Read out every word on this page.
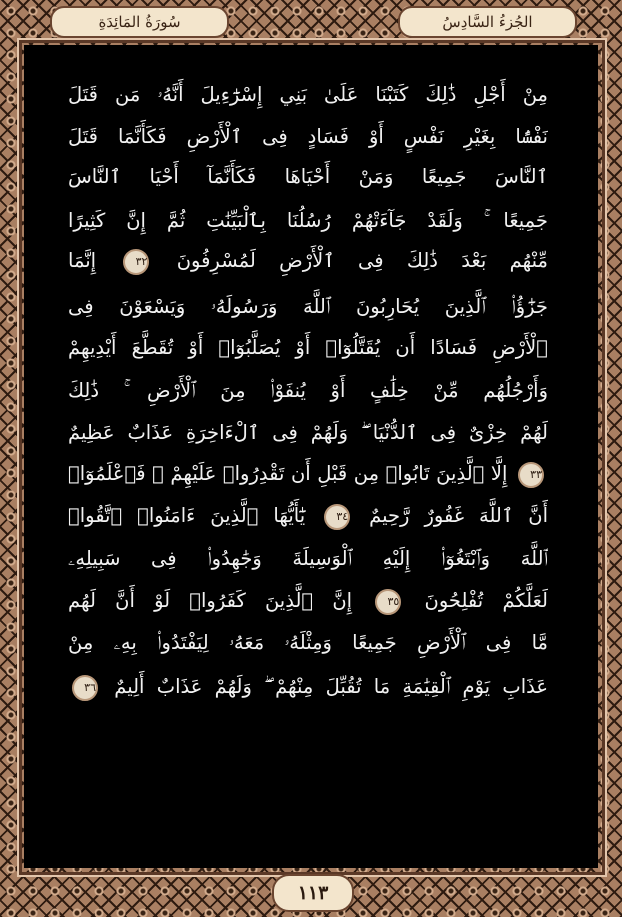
الجُزءُ السَّادِسُ
سُورَةُ المَائِدَةِ
مِنْ أَجْلِ ذَٰلِكَ كَتَبْنَا عَلَىٰ بَنِي إِسْرَٰٓءِيلَ أَنَّهُۥ مَن قَتَلَ
نَفْسًۢا بِغَيْرِ نَفْسٍ أَوْ فَسَادٍ فِى ٱلْأَرْضِ فَكَأَنَّمَا قَتَلَ
ٱلنَّاسَ جَمِيعًا وَمَنْ أَحْيَاهَا فَكَأَنَّمَآ أَحْيَا ٱلنَّاسَ
جَمِيعًا ۚ وَلَقَدْ جَآءَتْهُمْ رُسُلُنَا بِٱلْبَيِّنَٰتِ ثُمَّ إِنَّ كَثِيرًا
مِّنْهُم بَعْدَ ذَٰلِكَ فِى ٱلْأَرْضِ لَمُسْرِفُونَ ٣٢ إِنَّمَا
جَزَٰٓؤُا۟ ٱلَّذِينَ يُحَارِبُونَ ٱللَّهَ وَرَسُولَهُۥ وَيَسْعَوْنَ فِى
ٱلْأَرْضِ فَسَادًا أَن يُقَتَّلُوٓا۟ أَوْ يُصَلَّبُوٓا۟ أَوْ تُقَطَّعَ أَيْدِيهِمْ
وَأَرْجُلُهُم مِّنْ خِلَٰفٍ أَوْ يُنفَوْا۟ مِنَ ٱلْأَرْضِ ۚ ذَٰلِكَ
لَهُمْ خِزْىٌ فِى ٱلدُّنْيَا ۖ وَلَهُمْ فِى ٱلْءَاخِرَةِ عَذَابٌ عَظِيمٌ
٣٣ إِلَّا ٱلَّذِينَ تَابُوا۟ مِن قَبْلِ أَن تَقْدِرُوا۟ عَلَيْهِمْ ۖ فَٱعْلَمُوٓا۟
أَنَّ ٱللَّهَ غَفُورٌ رَّحِيمٌ ٣٤ يَٰٓأَيُّهَا ٱلَّذِينَ ءَامَنُوا۟ ٱتَّقُوا۟
ٱللَّهَ وَٱبْتَغُوٓا۟ إِلَيْهِ ٱلْوَسِيلَةَ وَجَٰهِدُوا۟ فِى سَبِيلِهِۦ
لَعَلَّكُمْ تُفْلِحُونَ ٣٥ إِنَّ ٱلَّذِينَ كَفَرُوا۟ لَوْ أَنَّ لَهُم
مَّا فِى ٱلْأَرْضِ جَمِيعًا وَمِثْلَهُۥ مَعَهُۥ لِيَفْتَدُوا۟ بِهِۦ مِنْ
عَذَابِ يَوْمِ ٱلْقِيَٰمَةِ مَا تُقُبِّلَ مِنْهُمْ ۖ وَلَهُمْ عَذَابٌ أَلِيمٌ ٣٦
١١٣
